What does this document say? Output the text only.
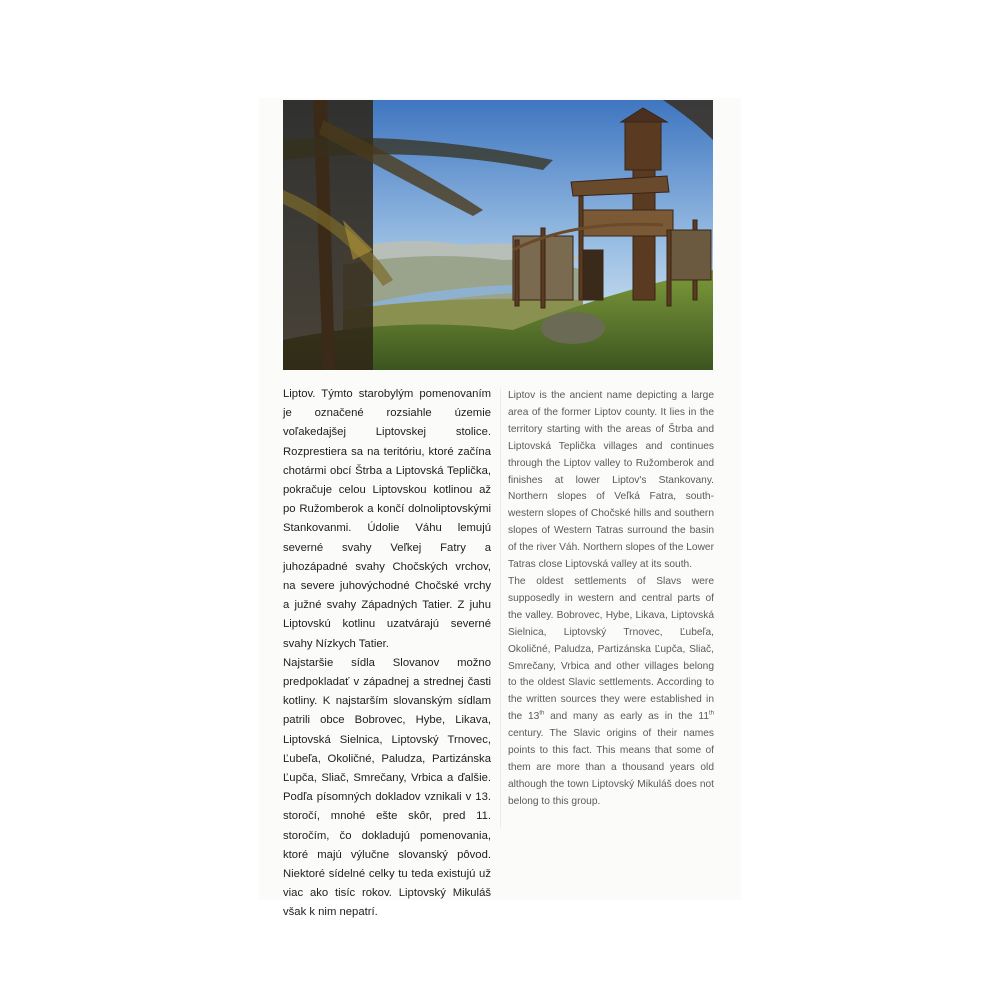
Liptov. Týmto starobylým pomenovaním je označené rozsiahle územie voľakedajšej Liptovskej stolice. Rozprestiera sa na teritóriu, ktoré začína chotármi obcí Štrba a Liptovská Teplička, pokračuje celou Liptovskou kotlinou až po Ružomberok a končí dolnoliptovskými Stankovanmi. Údolie Váhu lemujú severné svahy Veľkej Fatry a juhozápadné svahy Chočských vrchov, na severe juhovýchodné Chočské vrchy a južné svahy Západných Tatier. Z juhu Liptovskú kotlinu uzatvárajú severné svahy Nízkych Tatier.

Najstaršie sídla Slovanov možno predpokladať v západnej a strednej časti kotliny. K najstarším slovanským sídlam patrili obce Bobrovec, Hybe, Likava, Liptovská Sielnica, Liptovský Trnovec, Ľubeľa, Okoličné, Paludza, Partizánska Ľupča, Sliač, Smrečany, Vrbica a ďalšie. Podľa písomných dokladov vznikali v 13. storočí, mnohé ešte skôr, pred 11. storočím, čo dokladujú pomenovania, ktoré majú výlučne slovanský pôvod. Niektoré sídelné celky tu teda existujú už viac ako tisíc rokov. Liptovský Mikuláš však k nim nepatrí.

Liptov is the ancient name depicting a large area of the former Liptov county. It lies in the territory starting with the areas of Štrba and Liptovská Teplička villages and continues through the Liptov valley to Ružomberok and finishes at lower Liptov's Stankovany. Northern slopes of Veľká Fatra, south-western slopes of Chočské hills and southern slopes of Western Tatras surround the basin of the river Váh. Northern slopes of the Lower Tatras close Liptovská valley at its south.

The oldest settlements of Slavs were supposedly in western and central parts of the valley. Bobrovec, Hybe, Likava, Liptovská Sielnica, Liptovský Trnovec, Ľubeľa, Okoličné, Paludza, Partizánska Ľupča, Sliač, Smrečany, Vrbica and other villages belong to the oldest Slavic settlements. According to the written sources they were established in the 13th and many as early as in the 11th century. The Slavic origins of their names points to this fact. This means that some of them are more than a thousand years old although the town Liptovský Mikuláš does not belong to this group.
